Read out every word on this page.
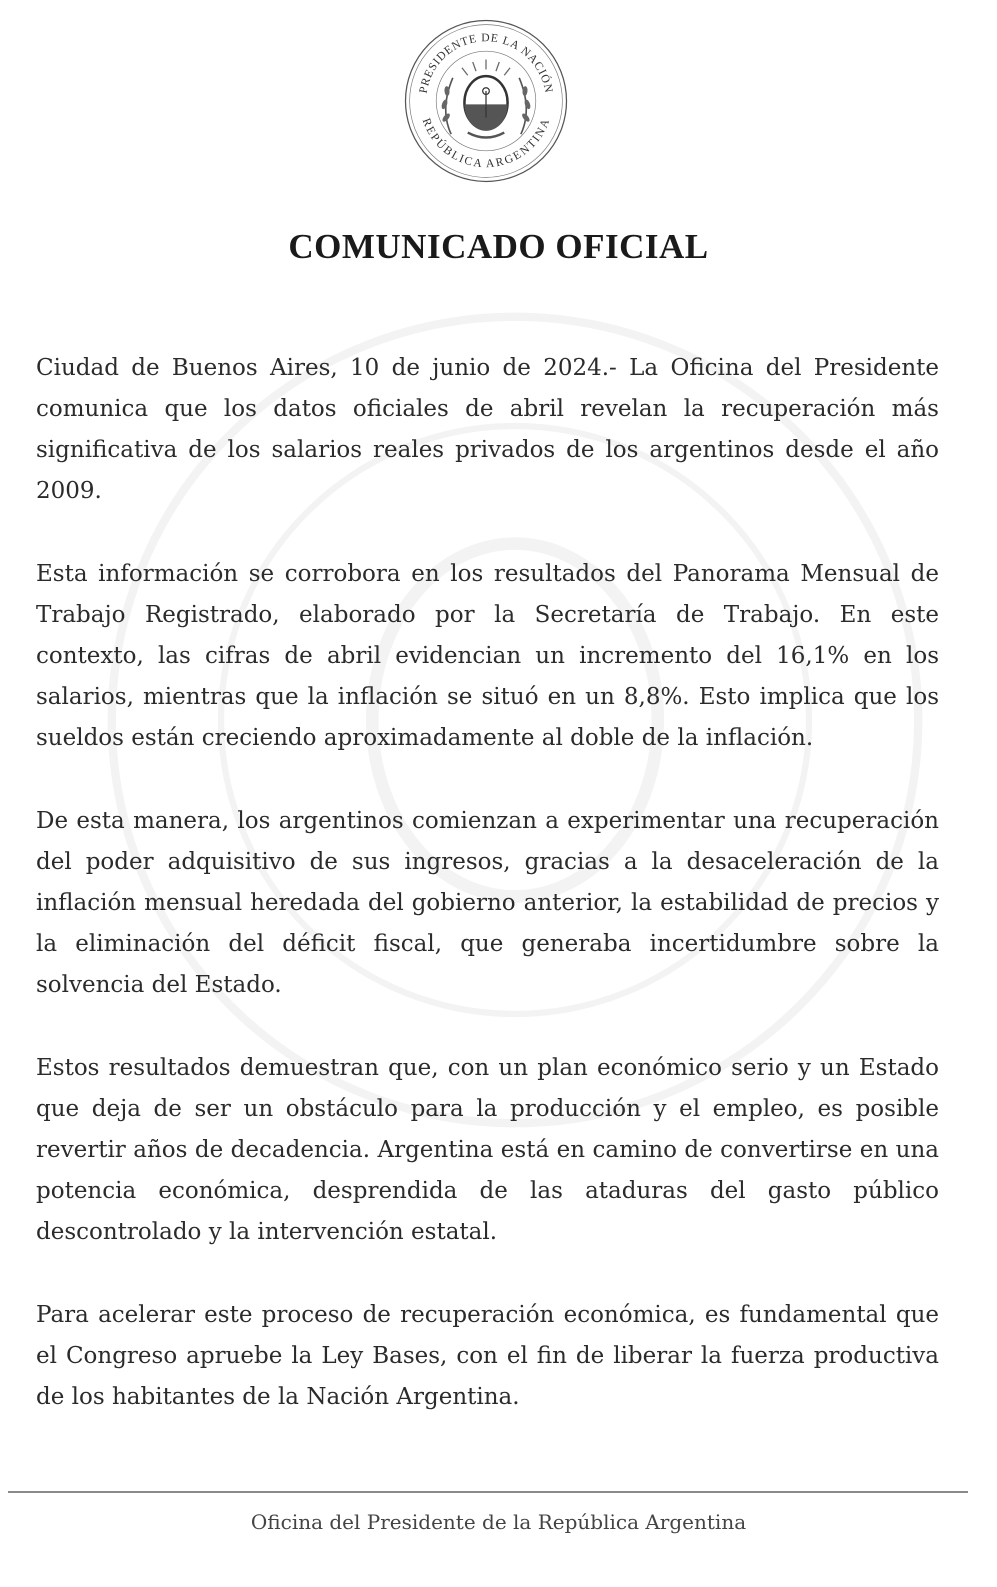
PRESIDENTE DE LA NACIÓN
REPÚBLICA ARGENTINA
COMUNICADO OFICIAL

Ciudad de Buenos Aires, 10 de junio de 2024.- La Oficina del Presidente comunica que los datos oficiales de abril revelan la recuperación más significativa de los salarios reales privados de los argentinos desde el año 2009.

Esta información se corrobora en los resultados del Panorama Mensual de Trabajo Registrado, elaborado por la Secretaría de Trabajo. En este contexto, las cifras de abril evidencian un incremento del 16,1% en los salarios, mientras que la inflación se situó en un 8,8%. Esto implica que los sueldos están creciendo aproximadamente al doble de la inflación.

De esta manera, los argentinos comienzan a experimentar una recuperación del poder adquisitivo de sus ingresos, gracias a la desaceleración de la inflación mensual heredada del gobierno anterior, la estabilidad de precios y la eliminación del déficit fiscal, que generaba incertidumbre sobre la solvencia del Estado.

Estos resultados demuestran que, con un plan económico serio y un Estado que deja de ser un obstáculo para la producción y el empleo, es posible revertir años de decadencia. Argentina está en camino de convertirse en una potencia económica, desprendida de las ataduras del gasto público descontrolado y la intervención estatal.

Para acelerar este proceso de recuperación económica, es fundamental que el Congreso apruebe la Ley Bases, con el fin de liberar la fuerza productiva de los habitantes de la Nación Argentina.

Oficina del Presidente de la República Argentina
